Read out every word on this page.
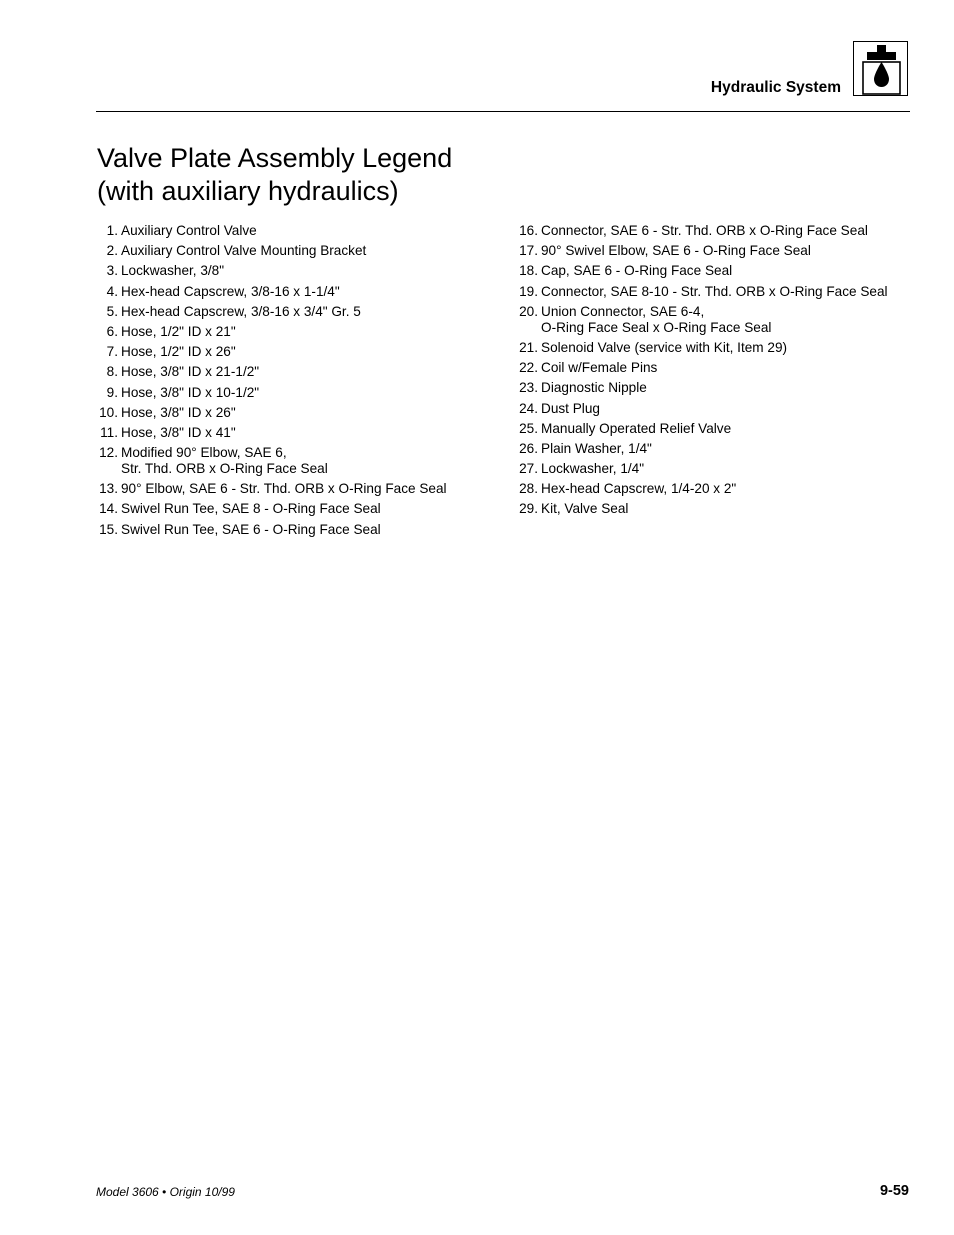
Hydraulic System
Valve Plate Assembly Legend
(with auxiliary hydraulics)
1. Auxiliary Control Valve
2. Auxiliary Control Valve Mounting Bracket
3. Lockwasher, 3/8"
4. Hex-head Capscrew, 3/8-16 x 1-1/4"
5. Hex-head Capscrew, 3/8-16 x 3/4" Gr. 5
6. Hose, 1/2" ID x 21"
7. Hose, 1/2" ID x 26"
8. Hose, 3/8" ID x 21-1/2"
9. Hose, 3/8" ID x 10-1/2"
10. Hose, 3/8" ID x 26"
11. Hose, 3/8" ID x 41"
12. Modified 90° Elbow, SAE 6,
Str. Thd. ORB x O-Ring Face Seal
13. 90° Elbow, SAE 6 - Str. Thd. ORB x O-Ring Face Seal
14. Swivel Run Tee, SAE 8 - O-Ring Face Seal
15. Swivel Run Tee, SAE 6 - O-Ring Face Seal
16. Connector, SAE 6 - Str. Thd. ORB x O-Ring Face Seal
17. 90° Swivel Elbow, SAE 6 - O-Ring Face Seal
18. Cap, SAE 6 - O-Ring Face Seal
19. Connector, SAE 8-10 - Str. Thd. ORB x O-Ring Face Seal
20. Union Connector, SAE 6-4,
O-Ring Face Seal x O-Ring Face Seal
21. Solenoid Valve (service with Kit, Item 29)
22. Coil w/Female Pins
23. Diagnostic Nipple
24. Dust Plug
25. Manually Operated Relief Valve
26. Plain Washer, 1/4"
27. Lockwasher, 1/4"
28. Hex-head Capscrew, 1/4-20 x 2"
29. Kit, Valve Seal
Model 3606 • Origin 10/99	9-59
